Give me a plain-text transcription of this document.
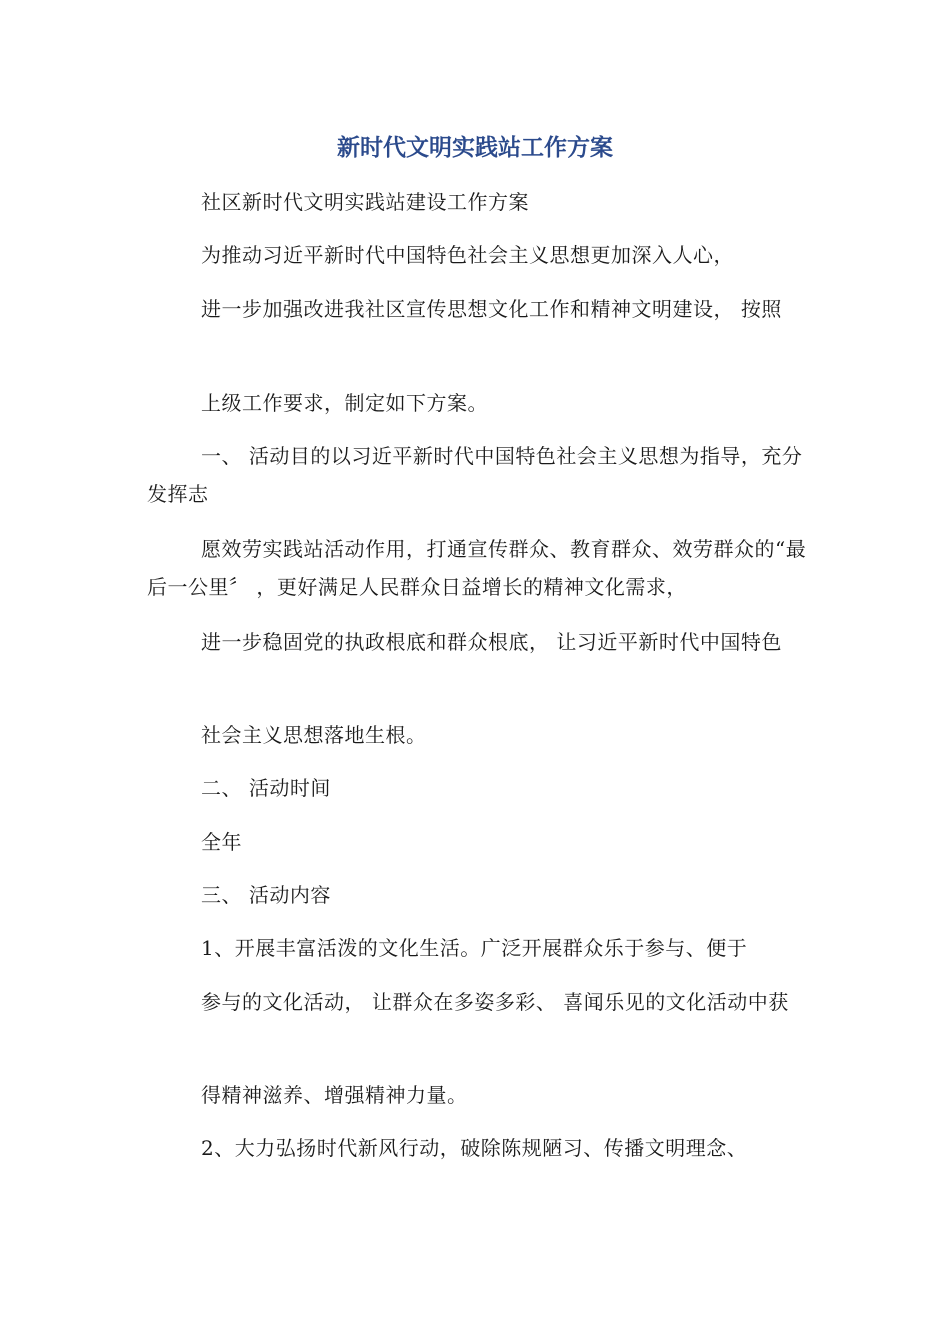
新时代文明实践站工作方案

社区新时代文明实践站建设工作方案

为推动习近平新时代中国特色社会主义思想更加深入人心，

进一步加强改进我社区宣传思想文化工作和精神文明建设， 按照

上级工作要求，制定如下方案。

一、 活动目的以习近平新时代中国特色社会主义思想为指导，充分发挥志

愿效劳实践站活动作用，打通宣传群众、教育群众、效劳群众的“最后一公里〞 ，更好满足人民群众日益增长的精神文化需求，

进一步稳固党的执政根底和群众根底， 让习近平新时代中国特色

社会主义思想落地生根。

二、 活动时间

全年

三、 活动内容

1、开展丰富活泼的文化生活。广泛开展群众乐于参与、便于

参与的文化活动， 让群众在多姿多彩、 喜闻乐见的文化活动中获

得精神滋养、增强精神力量。

2、大力弘扬时代新风行动，破除陈规陋习、传播文明理念、
